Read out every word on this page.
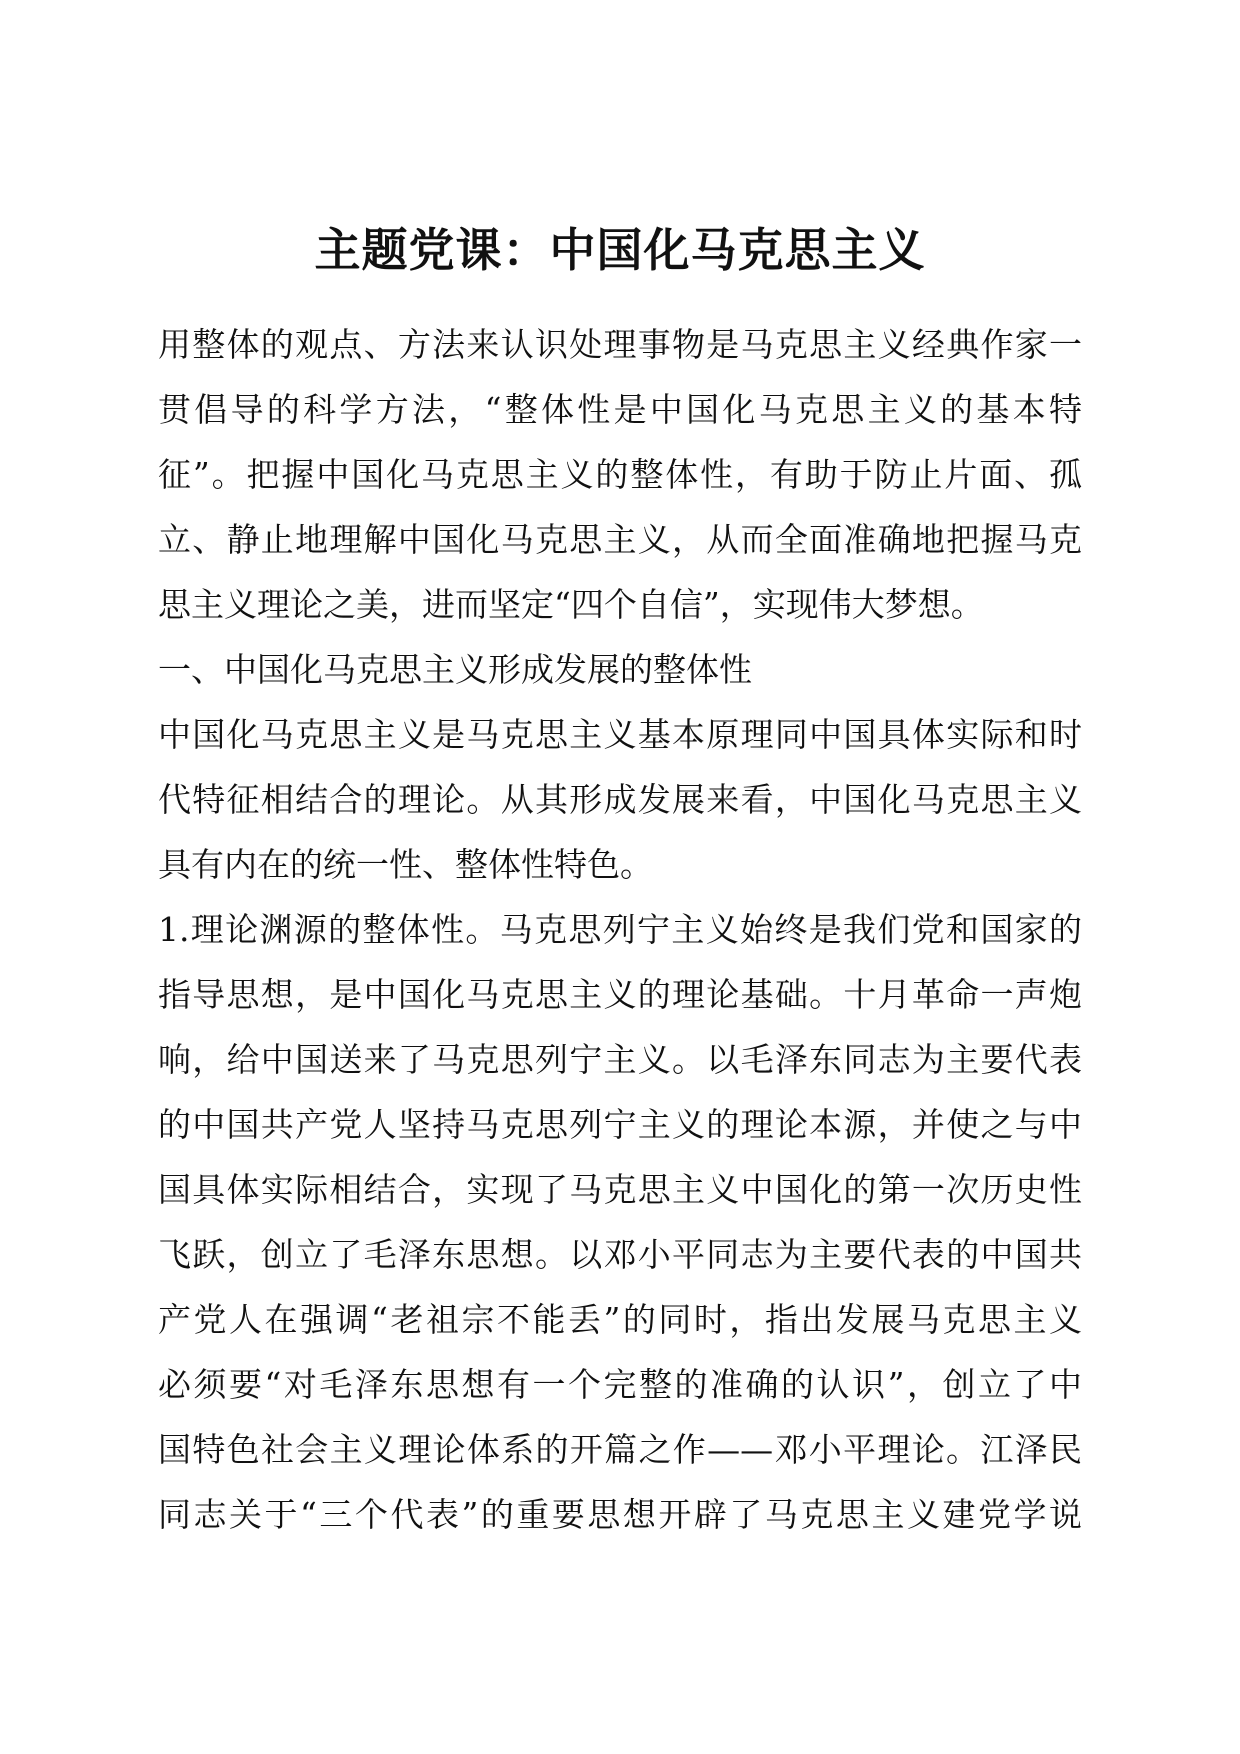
主题党课：中国化马克思主义
用整体的观点、方法来认识处理事物是马克思主义经典作家一
贯倡导的科学方法，“整体性是中国化马克思主义的基本特
征”。把握中国化马克思主义的整体性，有助于防止片面、孤
立、静止地理解中国化马克思主义，从而全面准确地把握马克
思主义理论之美，进而坚定“四个自信”，实现伟大梦想。
一、中国化马克思主义形成发展的整体性
中国化马克思主义是马克思主义基本原理同中国具体实际和时
代特征相结合的理论。从其形成发展来看，中国化马克思主义
具有内在的统一性、整体性特色。
1.理论渊源的整体性。马克思列宁主义始终是我们党和国家的
指导思想，是中国化马克思主义的理论基础。十月革命一声炮
响，给中国送来了马克思列宁主义。以毛泽东同志为主要代表
的中国共产党人坚持马克思列宁主义的理论本源，并使之与中
国具体实际相结合，实现了马克思主义中国化的第一次历史性
飞跃，创立了毛泽东思想。以邓小平同志为主要代表的中国共
产党人在强调“老祖宗不能丢”的同时，指出发展马克思主义
必须要“对毛泽东思想有一个完整的准确的认识”，创立了中
国特色社会主义理论体系的开篇之作——邓小平理论。江泽民
同志关于“三个代表”的重要思想开辟了马克思主义建党学说
